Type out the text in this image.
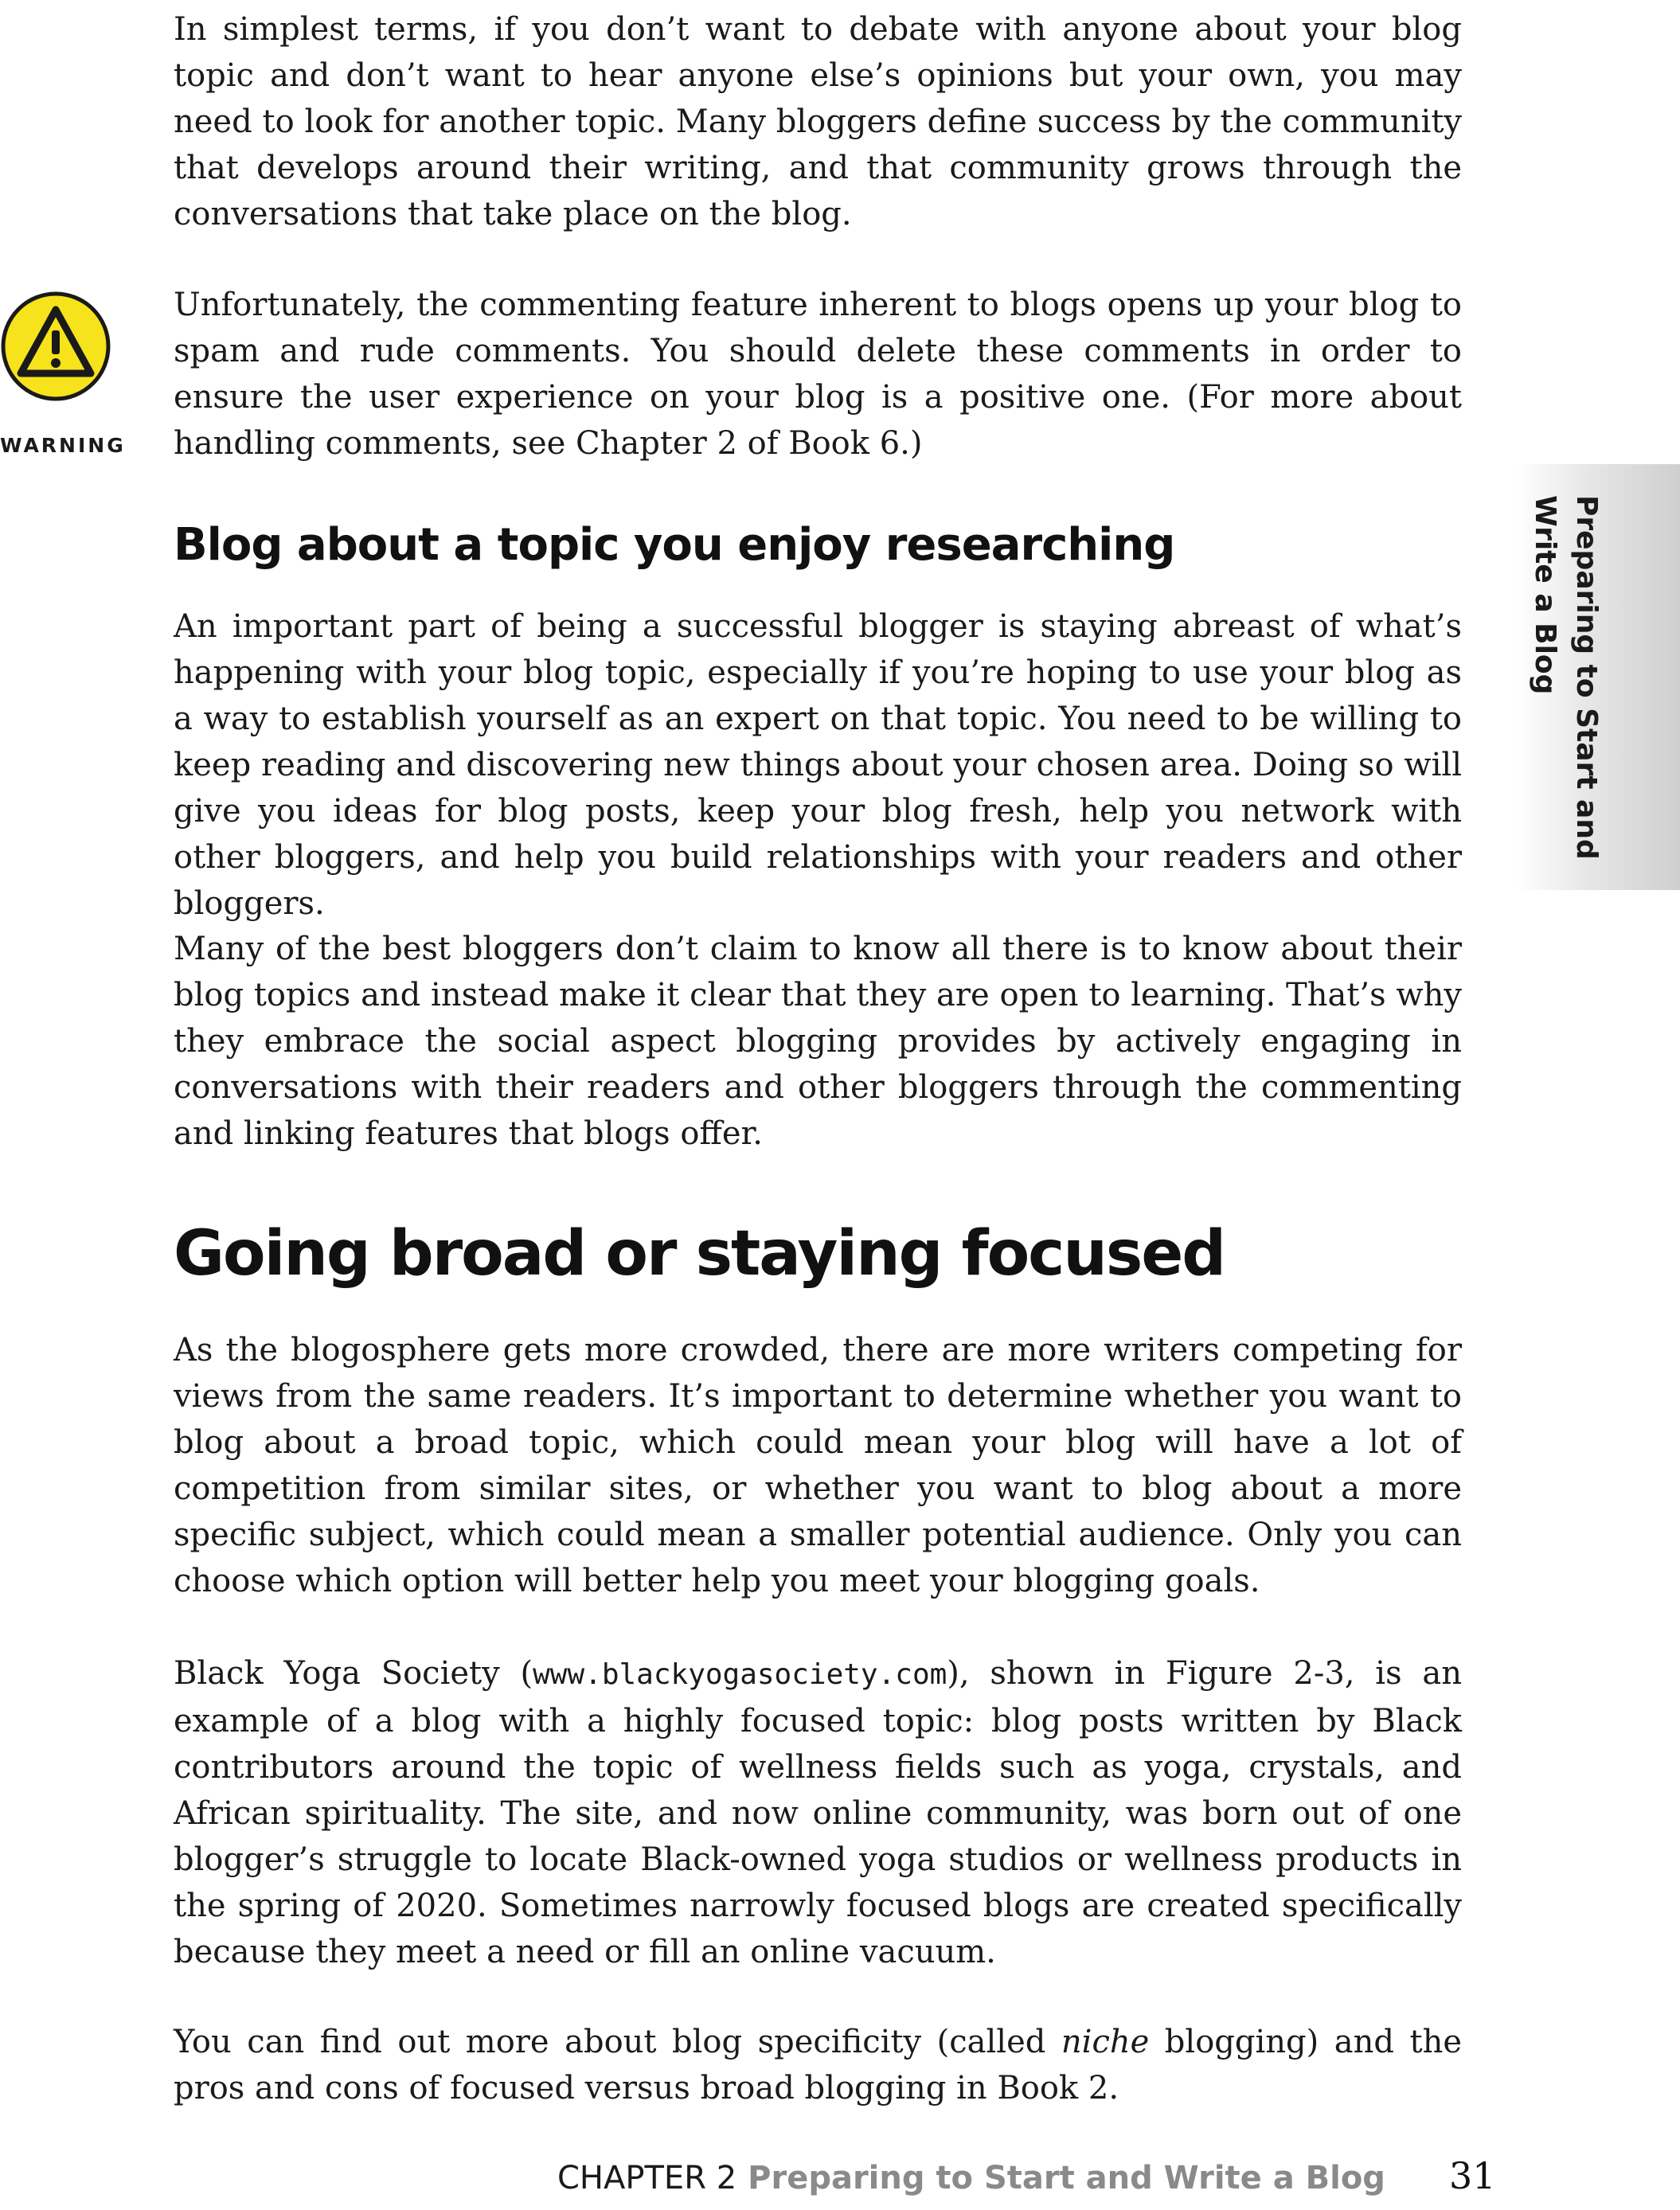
In simplest terms, if you don’t want to debate with anyone about your blog topic and don’t want to hear anyone else’s opinions but your own, you may need to look for another topic. Many bloggers define success by the community that develops around their writing, and that community grows through the conversations that take place on the blog.

WARNING

Unfortunately, the commenting feature inherent to blogs opens up your blog to spam and rude comments. You should delete these comments in order to ensure the user experience on your blog is a positive one. (For more about handling comments, see Chapter 2 of Book 6.)

Blog about a topic you enjoy researching

An important part of being a successful blogger is staying abreast of what’s happening with your blog topic, especially if you’re hoping to use your blog as a way to establish yourself as an expert on that topic. You need to be willing to keep reading and discovering new things about your chosen area. Doing so will give you ideas for blog posts, keep your blog fresh, help you network with other bloggers, and help you build relationships with your readers and other bloggers.

Many of the best bloggers don’t claim to know all there is to know about their blog topics and instead make it clear that they are open to learning. That’s why they embrace the social aspect blogging provides by actively engaging in conversations with their readers and other bloggers through the commenting and linking features that blogs offer.

Going broad or staying focused

As the blogosphere gets more crowded, there are more writers competing for views from the same readers. It’s important to determine whether you want to blog about a broad topic, which could mean your blog will have a lot of competition from similar sites, or whether you want to blog about a more specific subject, which could mean a smaller potential audience. Only you can choose which option will better help you meet your blogging goals.

Black Yoga Society (www.blackyogasociety.com), shown in Figure 2-3, is an example of a blog with a highly focused topic: blog posts written by Black contributors around the topic of wellness fields such as yoga, crystals, and African spirituality. The site, and now online community, was born out of one blogger’s struggle to locate Black-owned yoga studios or wellness products in the spring of 2020. Sometimes narrowly focused blogs are created specifically because they meet a need or fill an online vacuum.

You can find out more about blog specificity (called niche blogging) and the pros and cons of focused versus broad blogging in Book 2.

Preparing to Start and Write a Blog
CHAPTER 2 Preparing to Start and Write a Blog 31
